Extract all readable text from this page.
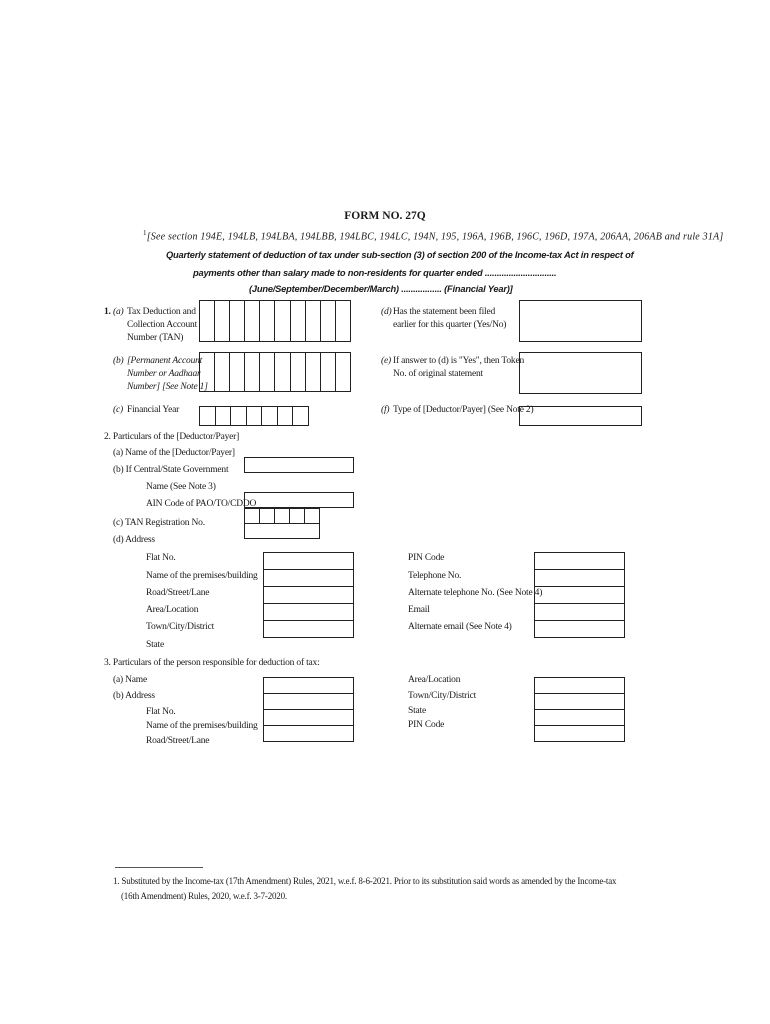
FORM NO. 27Q
$^1$[See section 194E, 194LB, 194LBA, 194LBB, 194LBC, 194LC, 194N, 195, 196A, 196B, 196C, 196D, 197A, 206AA, 206AB and rule 31A]
Quarterly statement of deduction of tax under sub-section (3) of section 200 of the Income-tax Act in respect of
payments other than salary made to non-residents for quarter ended ..............................
(June/September/December/March) ................. (Financial Year)]
1. (a) Tax Deduction and
Collection Account
Number (TAN)
(b) [Permanent Account
Number or Aadhaar
Number] [See Note 1]
(c) Financial Year
(d) Has the statement been filed
earlier for this quarter (Yes/No)
(e) If answer to (d) is "Yes", then Token
No. of original statement
(f) Type of [Deductor/Payer] (See Note 2)
2. Particulars of the [Deductor/Payer]
(a) Name of the [Deductor/Payer]
(b) If Central/State Government
Name (See Note 3)
AIN Code of PAO/TO/CDDO
(c) TAN Registration No.
(d) Address
Flat No.
Name of the premises/building
Road/Street/Lane
Area/Location
Town/City/District
State
PIN Code
Telephone No.
Alternate telephone No. (See Note 4)
Email
Alternate email (See Note 4)
3. Particulars of the person responsible for deduction of tax:
(a) Name
(b) Address
Flat No.
Name of the premises/building
Road/Street/Lane
Area/Location
Town/City/District
State
PIN Code
1. Substituted by the Income-tax (17th Amendment) Rules, 2021, w.e.f. 8-6-2021. Prior to its substitution said words as amended by the Income-tax
(16th Amendment) Rules, 2020, w.e.f. 3-7-2020.
